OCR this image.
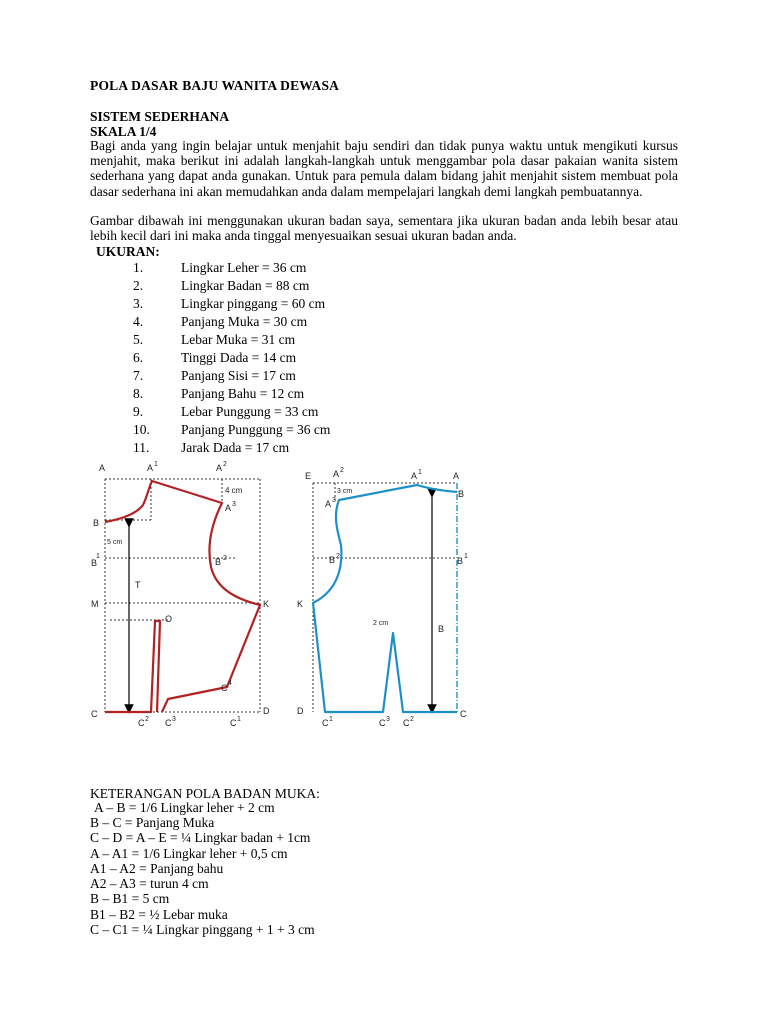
POLA DASAR BAJU WANITA DEWASA
SISTEM SEDERHANA
SKALA 1/4
Bagi anda yang ingin belajar untuk menjahit baju sendiri dan tidak punya waktu untuk mengikuti kursus menjahit, maka berikut ini adalah langkah-langkah untuk menggambar pola dasar pakaian wanita sistem sederhana yang dapat anda gunakan. Untuk para pemula dalam bidang jahit menjahit sistem membuat pola dasar sederhana ini akan memudahkan anda dalam mempelajari langkah demi langkah pembuatannya.
Gambar dibawah ini menggunakan ukuran badan saya, sementara jika ukuran badan anda lebih besar atau lebih kecil dari ini maka anda tinggal menyesuaikan sesuai ukuran badan anda.
UKURAN:
1.	Lingkar Leher = 36 cm
2.	Lingkar Badan = 88 cm
3.	Lingkar pinggang = 60 cm
4.	Panjang Muka = 30 cm
5.	Lebar Muka = 31 cm
6.	Tinggi Dada = 14 cm
7.	Panjang Sisi = 17 cm
8.	Panjang Bahu = 12 cm
9.	Lebar Punggung = 33 cm
10. Panjang Punggung = 36 cm
11. Jarak Dada = 17 cm
A	A 1	A 2
4 cm
A 3
B
5 cm
B
1
B 2
T
M	K
O
C 4
C	D
C 2 C 3	C 1
E A 2
A 1	A
B
3 cm
A 3
B 2	B 1
K
2 cm
B
D	C
C 1	C 3 C 2
KETERANGAN POLA BADAN MUKA:
A – B = 1/6 Lingkar leher + 2 cm
B – C = Panjang Muka
C – D = A – E = ¼ Lingkar badan + 1cm
A – A1 = 1/6 Lingkar leher + 0,5 cm
A1 – A2 = Panjang bahu
A2 – A3 = turun 4 cm
B – B1 = 5 cm
B1 – B2 = ½ Lebar muka
C – C1 = ¼ Lingkar pinggang + 1 + 3 cm
